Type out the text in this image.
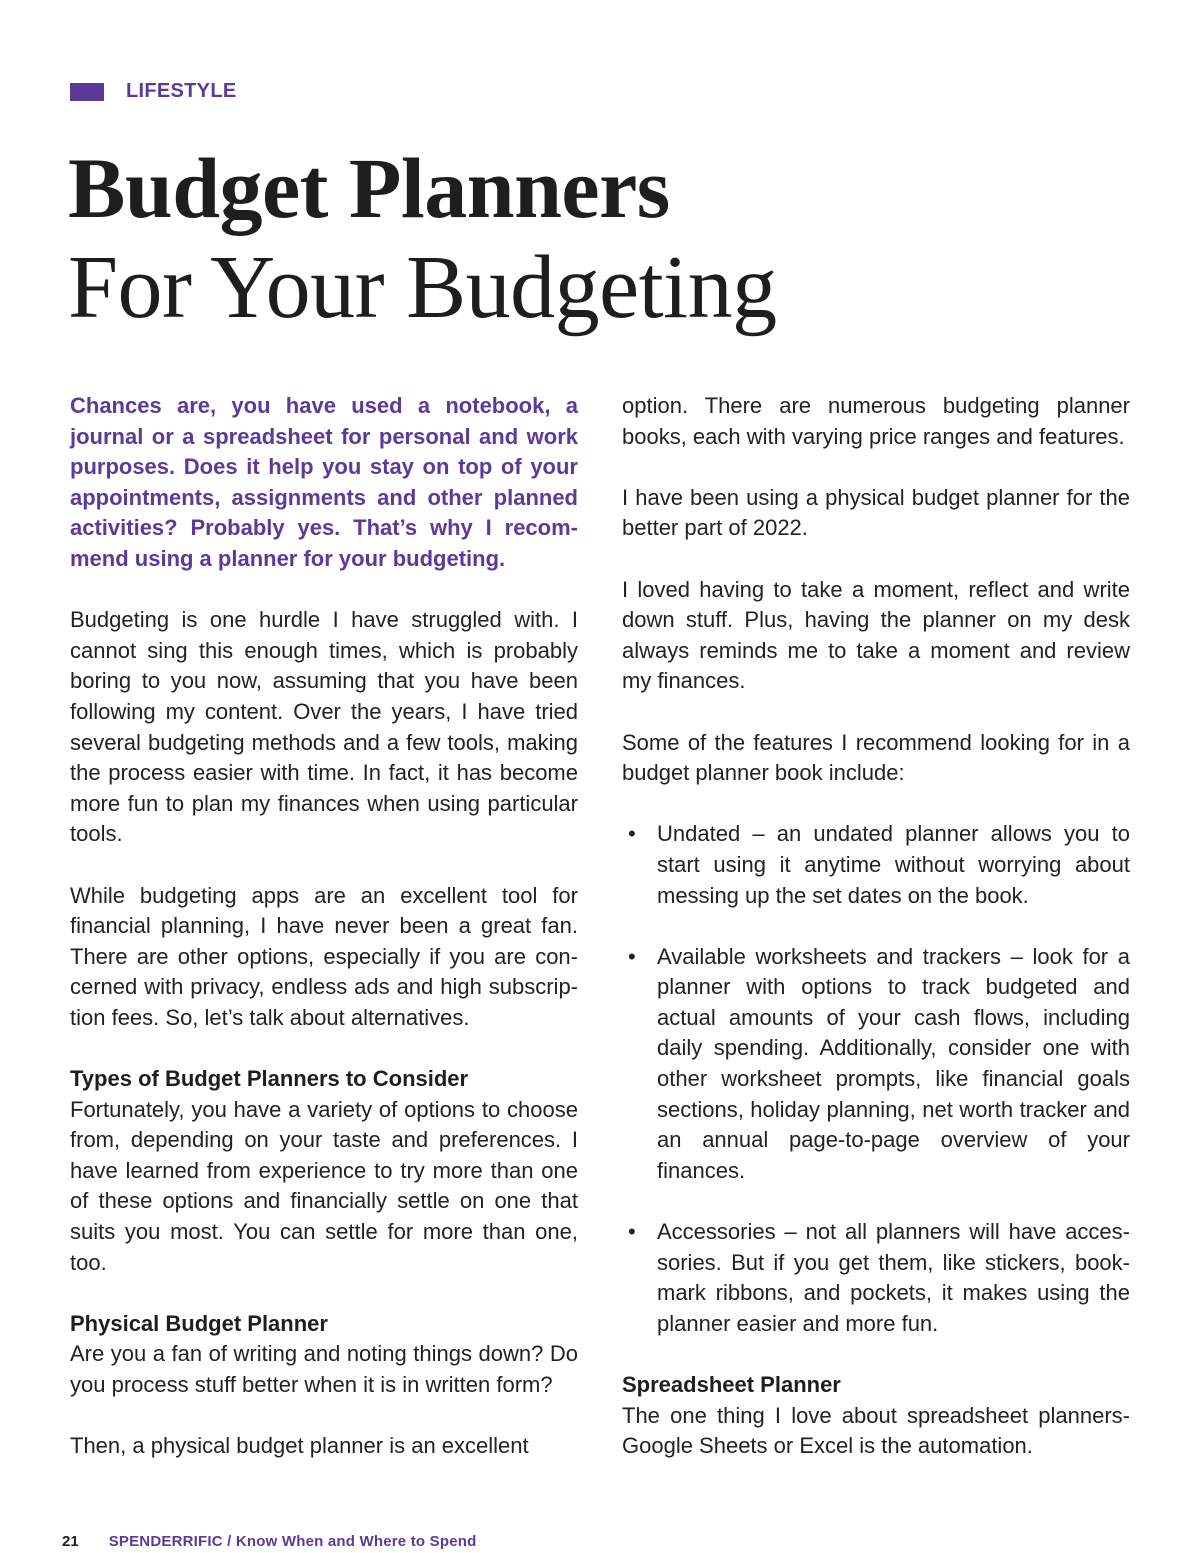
LIFESTYLE
Budget Planners
For Your Budgeting

Chances are, you have used a notebook, a journal or a spreadsheet for personal and work purposes. Does it help you stay on top of your appointments, assignments and other planned activities? Probably yes. That’s why I recom-mend using a planner for your budgeting.

Budgeting is one hurdle I have struggled with. I cannot sing this enough times, which is probably boring to you now, assuming that you have been following my content. Over the years, I have tried several budgeting methods and a few tools, making the process easier with time. In fact, it has become more fun to plan my finances when using particular tools.

While budgeting apps are an excellent tool for financial planning, I have never been a great fan. There are other options, especially if you are con-cerned with privacy, endless ads and high subscrip-tion fees. So, let’s talk about alternatives.

Types of Budget Planners to Consider

Fortunately, you have a variety of options to choose from, depending on your taste and preferences. I have learned from experience to try more than one of these options and financially settle on one that suits you most. You can settle for more than one, too.

Physical Budget Planner

Are you a fan of writing and noting things down? Do you process stuff better when it is in written form?

Then, a physical budget planner is an excellent

option. There are numerous budgeting planner books, each with varying price ranges and features.

I have been using a physical budget planner for the better part of 2022.

I loved having to take a moment, reflect and write down stuff. Plus, having the planner on my desk always reminds me to take a moment and review my finances.

Some of the features I recommend looking for in a budget planner book include:

• Undated – an undated planner allows you to start using it anytime without worrying about messing up the set dates on the book.
• Available worksheets and trackers – look for a planner with options to track budgeted and actual amounts of your cash flows, including daily spending. Additionally, consider one with other worksheet prompts, like financial goals sections, holiday planning, net worth tracker and an annual page-to-page overview of your finances.
• Accessories – not all planners will have acces-sories. But if you get them, like stickers, book-mark ribbons, and pockets, it makes using the planner easier and more fun.
Spreadsheet Planner

The one thing I love about spreadsheet planners-Google Sheets or Excel is the automation.

21 SPENDERRIFIC / Know When and Where to Spend
